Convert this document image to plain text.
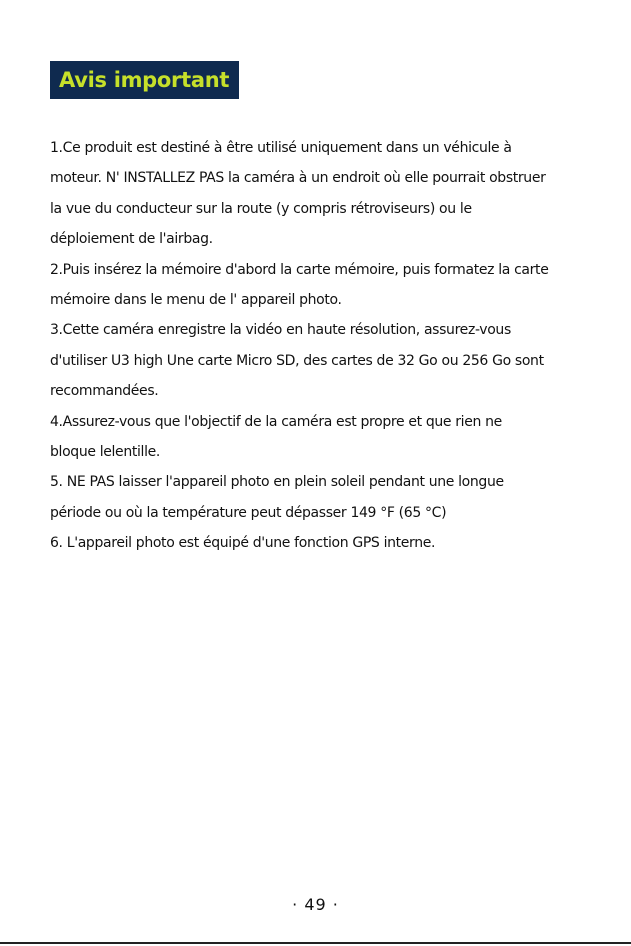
Avis important
1.Ce produit est destiné à être utilisé uniquement dans un véhicule à
moteur. N' INSTALLEZ PAS la caméra à un endroit où elle pourrait obstruer
la vue du conducteur sur la route (y compris rétroviseurs) ou le
déploiement de l'airbag.
2.Puis insérez la mémoire d'abord la carte mémoire, puis formatez la carte
mémoire dans le menu de l' appareil photo.
3.Cette caméra enregistre la vidéo en haute résolution, assurez-vous
d'utiliser U3 high Une carte Micro SD, des cartes de 32 Go ou 256 Go sont
recommandées.
4.Assurez-vous que l'objectif de la caméra est propre et que rien ne
bloque lelentille.
5. NE PAS laisser l'appareil photo en plein soleil pendant une longue
période ou où la température peut dépasser 149 °F (65 °C)
6. L'appareil photo est équipé d'une fonction GPS interne.
· 49 ·
